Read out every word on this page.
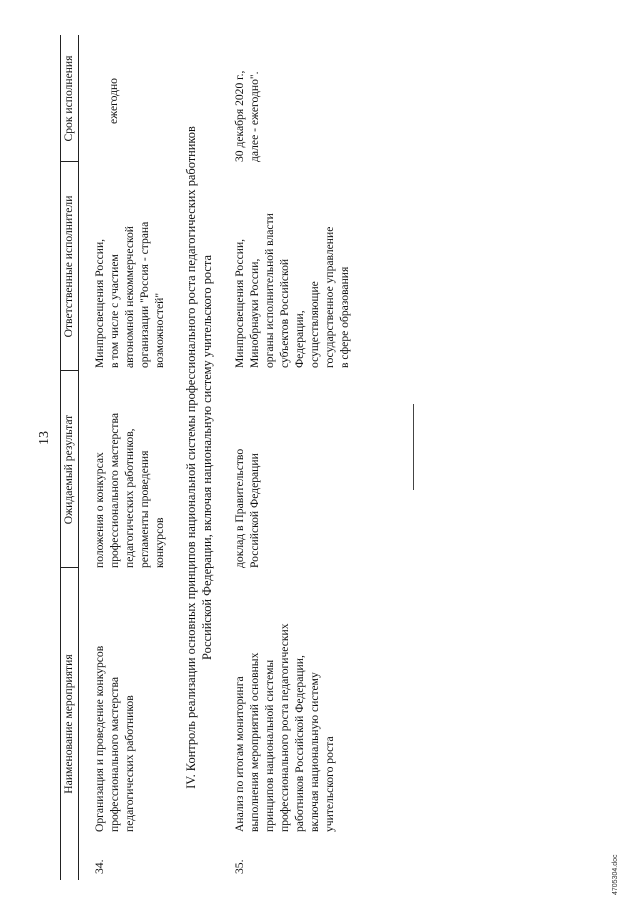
Наименование мероприятия
Ожидаемый результат
Ответственные исполнители
Срок исполнения
34.
Организация и проведение конкурсов профессионального мастерства педагогических работников
положения о конкурсах профессионального мастерства педагогических работников, регламенты проведения конкурсов
Минпросвещения России, в том числе с участием автономной некоммерческой организации "Россия - страна возможностей"
ежегодно
IV. Контроль реализации основных принципов национальной системы профессионального роста педагогических работников Российской Федерации, включая национальную систему учительского роста
35.
Анализ по итогам мониторинга выполнения мероприятий основных принципов национальной системы профессионального роста педагогических работников Российской Федерации, включая национальную систему учительского роста
доклад в Правительство Российской Федерации
Минпросвещения России, Минобрнауки России, органы исполнительной власти субъектов Российской Федерации, осуществляющие государственное управление в сфере образования
30 декабря 2020 г., далее - ежегодно".
13
4705304.doc
